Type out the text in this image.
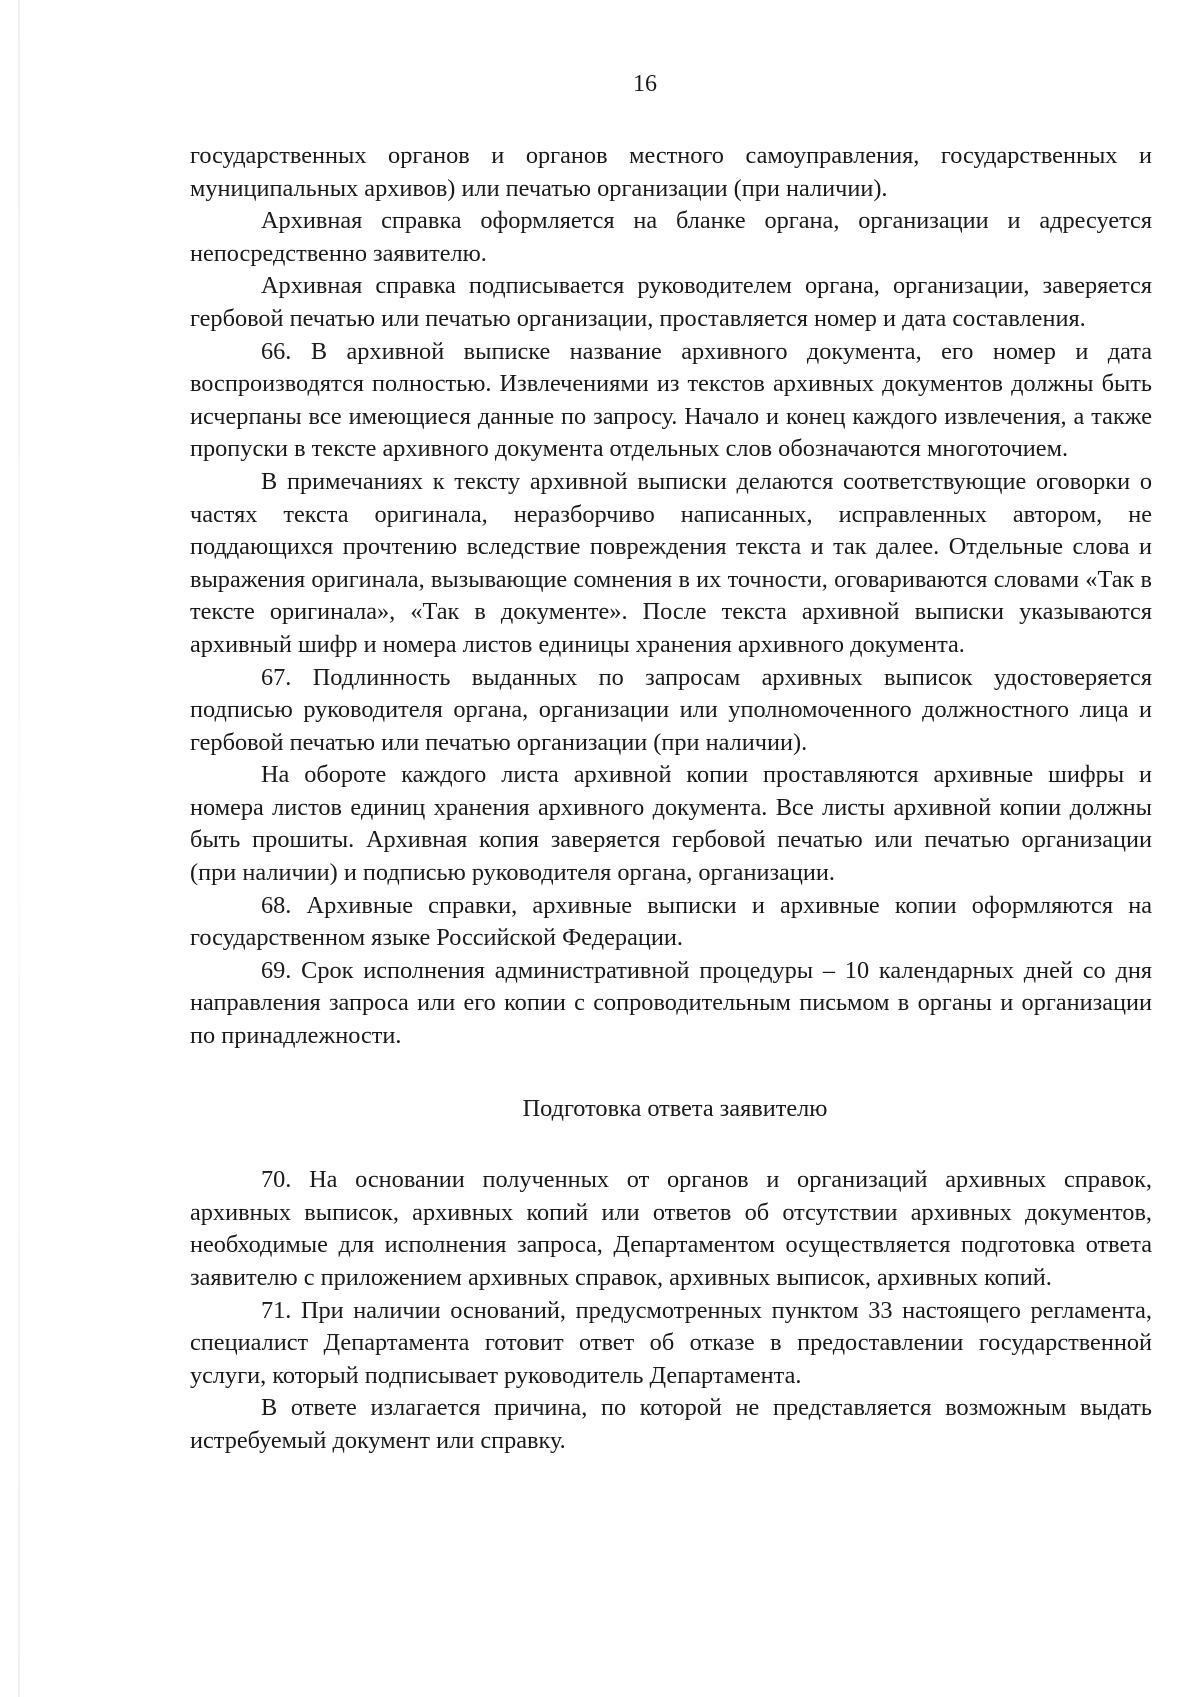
16

государственных органов и органов местного самоуправления, государственных и муниципальных архивов) или печатью организации (при наличии).

Архивная справка оформляется на бланке органа, организации и адресуется непосредственно заявителю.

Архивная справка подписывается руководителем органа, организации, заверяется гербовой печатью или печатью организации, проставляется номер и дата составления.

66. В архивной выписке название архивного документа, его номер и дата воспроизводятся полностью. Извлечениями из текстов архивных документов должны быть исчерпаны все имеющиеся данные по запросу. Начало и конец каждого извлечения, а также пропуски в тексте архивного документа отдельных слов обозначаются многоточием.

В примечаниях к тексту архивной выписки делаются соответствующие оговорки о частях текста оригинала, неразборчиво написанных, исправленных автором, не поддающихся прочтению вследствие повреждения текста и так далее. Отдельные слова и выражения оригинала, вызывающие сомнения в их точности, оговариваются словами «Так в тексте оригинала», «Так в документе». После текста архивной выписки указываются архивный шифр и номера листов единицы хранения архивного документа.

67. Подлинность выданных по запросам архивных выписок удостоверяется подписью руководителя органа, организации или уполномоченного должностного лица и гербовой печатью или печатью организации (при наличии).

На обороте каждого листа архивной копии проставляются архивные шифры и номера листов единиц хранения архивного документа. Все листы архивной копии должны быть прошиты. Архивная копия заверяется гербовой печатью или печатью организации (при наличии) и подписью руководителя органа, организации.

68. Архивные справки, архивные выписки и архивные копии оформляются на государственном языке Российской Федерации.

69. Срок исполнения административной процедуры – 10 календарных дней со дня направления запроса или его копии с сопроводительным письмом в органы и организации по принадлежности.

Подготовка ответа заявителю

70. На основании полученных от органов и организаций архивных справок, архивных выписок, архивных копий или ответов об отсутствии архивных документов, необходимые для исполнения запроса, Департаментом осуществляется подготовка ответа заявителю с приложением архивных справок, архивных выписок, архивных копий.

71. При наличии оснований, предусмотренных пунктом 33 настоящего регламента, специалист Департамента готовит ответ об отказе в предоставлении государственной услуги, который подписывает руководитель Департамента.

В ответе излагается причина, по которой не представляется возможным выдать истребуемый документ или справку.
